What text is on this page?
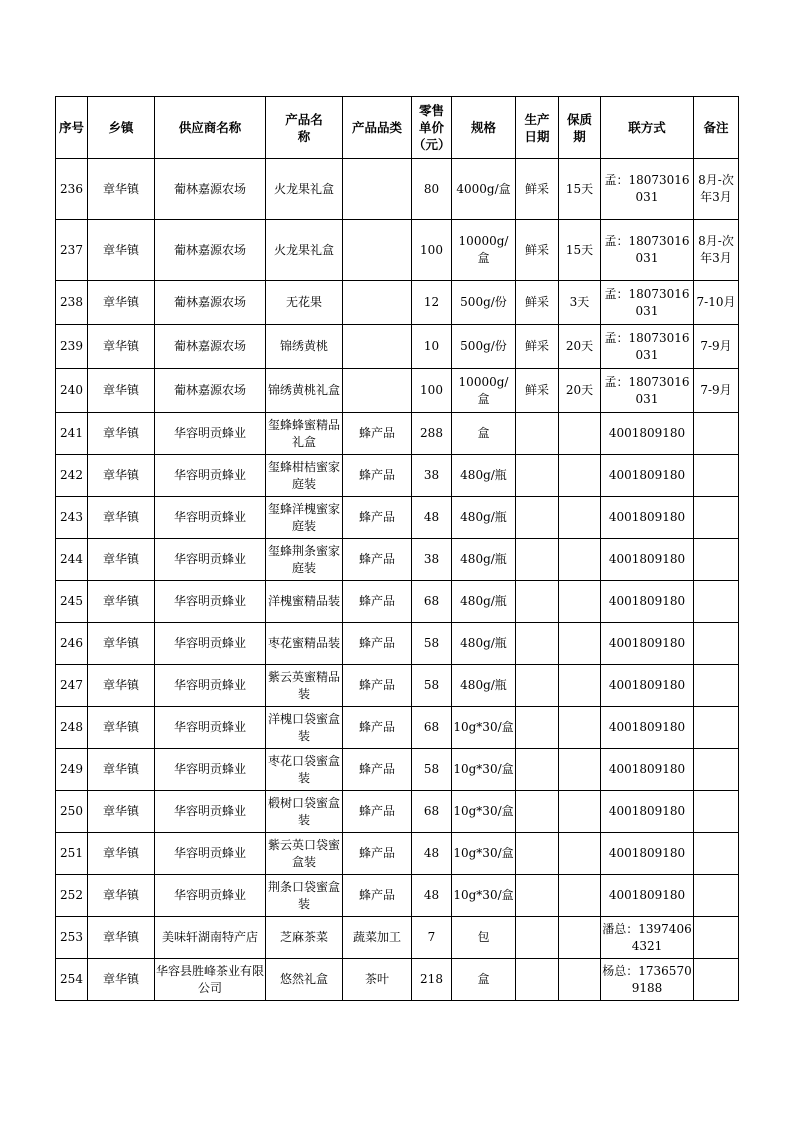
序号	乡镇	供应商名称	产品名称	产品品类	零售单价（元）	规格	生产日期	保质期	联方式	备注
236	章华镇	葡林嘉源农场	火龙果礼盒		80	4000g/盒	鲜采	15天	孟：18073016031	8月-次年3月
237	章华镇	葡林嘉源农场	火龙果礼盒		100	10000g/盒	鲜采	15天	孟：18073016031	8月-次年3月
238	章华镇	葡林嘉源农场	无花果		12	500g/份	鲜采	3天	孟：18073016031	7-10月
239	章华镇	葡林嘉源农场	锦绣黄桃		10	500g/份	鲜采	20天	孟：18073016031	7-9月
240	章华镇	葡林嘉源农场	锦绣黄桃礼盒		100	10000g/盒	鲜采	20天	孟：18073016031	7-9月
241	章华镇	华容明贡蜂业	玺蜂蜂蜜精品礼盒	蜂产品	288	盒			4001809180	
242	章华镇	华容明贡蜂业	玺蜂柑桔蜜家庭装	蜂产品	38	480g/瓶			4001809180	
243	章华镇	华容明贡蜂业	玺蜂洋槐蜜家庭装	蜂产品	48	480g/瓶			4001809180	
244	章华镇	华容明贡蜂业	玺蜂荆条蜜家庭装	蜂产品	38	480g/瓶			4001809180	
245	章华镇	华容明贡蜂业	洋槐蜜精品装	蜂产品	68	480g/瓶			4001809180	
246	章华镇	华容明贡蜂业	枣花蜜精品装	蜂产品	58	480g/瓶			4001809180	
247	章华镇	华容明贡蜂业	紫云英蜜精品装	蜂产品	58	480g/瓶			4001809180	
248	章华镇	华容明贡蜂业	洋槐口袋蜜盒装	蜂产品	68	10g*30/盒			4001809180	
249	章华镇	华容明贡蜂业	枣花口袋蜜盒装	蜂产品	58	10g*30/盒			4001809180	
250	章华镇	华容明贡蜂业	椴树口袋蜜盒装	蜂产品	68	10g*30/盒			4001809180	
251	章华镇	华容明贡蜂业	紫云英口袋蜜盒装	蜂产品	48	10g*30/盒			4001809180	
252	章华镇	华容明贡蜂业	荆条口袋蜜盒装	蜂产品	48	10g*30/盒			4001809180	
253	章华镇	美味轩湖南特产店	芝麻茶菜	蔬菜加工	7	包			潘总：13974064321	
254	章华镇	华容县胜峰茶业有限公司	悠然礼盒	茶叶	218	盒			杨总：17365709188	
